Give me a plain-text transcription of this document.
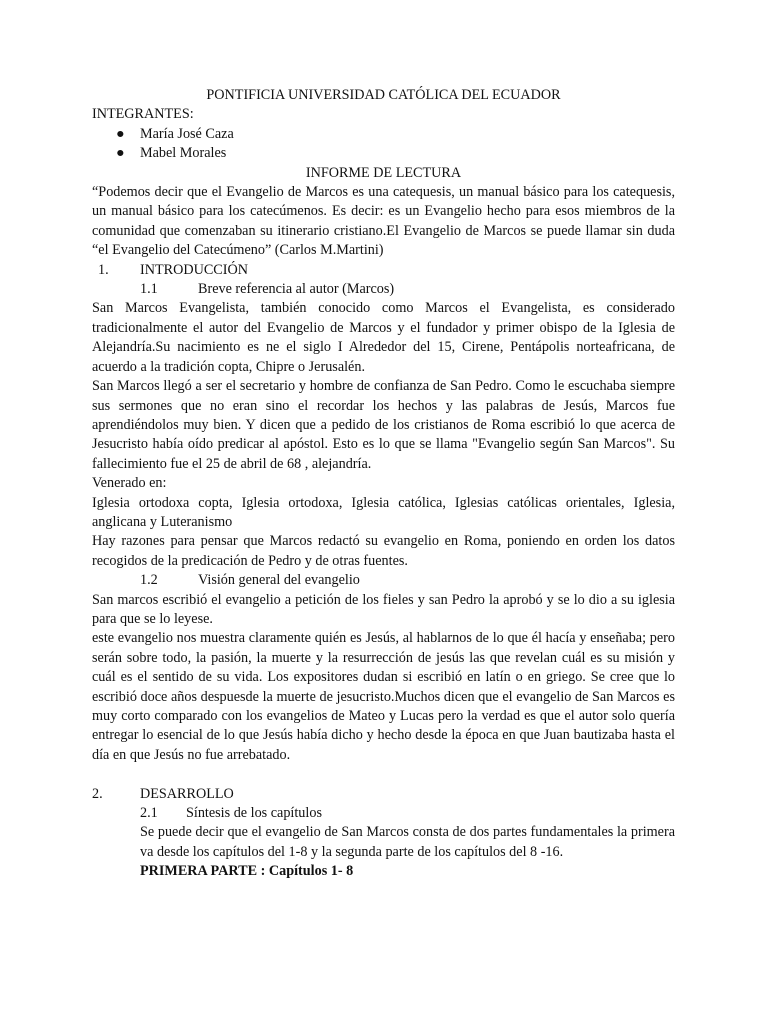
PONTIFICIA UNIVERSIDAD CATÓLICA DEL ECUADOR
INTEGRANTES:
● María José Caza
● Mabel Morales
INFORME DE LECTURA
“Podemos decir que el Evangelio de Marcos es una catequesis, un manual básico para los catequesis, un manual básico para los catecúmenos. Es decir: es un Evangelio hecho para esos miembros de la comunidad que comenzaban su itinerario cristiano.El Evangelio de Marcos se puede llamar sin duda “el Evangelio del Catecúmeno” (Carlos M.Martini)
1.	INTRODUCCIÓN
1.1	Breve referencia al autor (Marcos)
San Marcos Evangelista, también conocido como Marcos el Evangelista, es considerado tradicionalmente el autor del Evangelio de Marcos y el fundador y primer obispo de la Iglesia de Alejandría.Su nacimiento es ne el siglo I Alrededor del 15, Cirene, Pentápolis norteafricana, de acuerdo a la tradición copta, Chipre o Jerusalén.
San Marcos llegó a ser el secretario y hombre de confianza de San Pedro. Como le escuchaba siempre sus sermones que no eran sino el recordar los hechos y las palabras de Jesús, Marcos fue aprendiéndolos muy bien. Y dicen que a pedido de los cristianos de Roma escribió lo que acerca de Jesucristo había oído predicar al apóstol. Esto es lo que se llama "Evangelio según San Marcos". Su fallecimiento fue el 25 de abril de 68 , alejandría.
Venerado en:
Iglesia ortodoxa copta, Iglesia ortodoxa, Iglesia católica, Iglesias católicas orientales, Iglesia, anglicana y Luteranismo
Hay razones para pensar que Marcos redactó su evangelio en Roma, poniendo en orden los datos recogidos de la predicación de Pedro y de otras fuentes.
1.2	Visión general del evangelio
San marcos escribió el evangelio a petición de los fieles y san Pedro la aprobó y se lo dio a su iglesia para que se lo leyese.
este evangelio nos muestra claramente quién es Jesús, al hablarnos de lo que él hacía y enseñaba; pero serán sobre todo, la pasión, la muerte y la resurrección de jesús las que revelan cuál es su misión y cuál es el sentido de su vida. Los expositores dudan si escribió en latín o en griego. Se cree que lo escribió doce años despuesde la muerte de jesucristo.Muchos dicen que el evangelio de San Marcos es muy corto comparado con los evangelios de Mateo y Lucas pero la verdad es que el autor solo quería entregar lo esencial de lo que Jesús había dicho y hecho desde la época en que Juan bautizaba hasta el día en que Jesús no fue arrebatado.
2.	DESARROLLO
2.1	Síntesis de los capítulos
Se puede decir que el evangelio de San Marcos consta de dos partes fundamentales la primera va desde los capítulos del 1-8 y la segunda parte de los capítulos del 8 -16.
PRIMERA PARTE : Capítulos 1- 8
